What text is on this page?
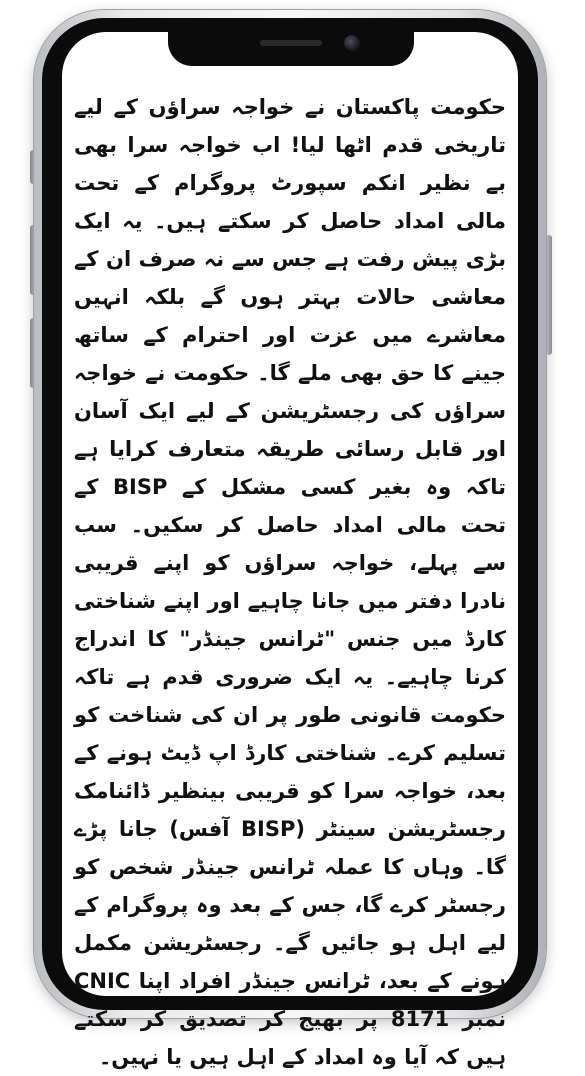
حکومت پاکستان نے خواجہ سراؤں کے لیے تاریخی قدم اٹھا لیا! اب خواجہ سرا بھی بے نظیر انکم سپورٹ پروگرام کے تحت مالی امداد حاصل کر سکتے ہیں۔ یہ ایک بڑی پیش رفت ہے جس سے نہ صرف ان کے معاشی حالات بہتر ہوں گے بلکہ انہیں معاشرے میں عزت اور احترام کے ساتھ جینے کا حق بھی ملے گا۔ حکومت نے خواجہ سراؤں کی رجسٹریشن کے لیے ایک آسان اور قابل رسائی طریقہ متعارف کرایا ہے تاکہ وہ بغیر کسی مشکل کے BISP کے تحت مالی امداد حاصل کر سکیں۔ سب سے پہلے، خواجہ سراؤں کو اپنے قریبی نادرا دفتر میں جانا چاہیے اور اپنے شناختی کارڈ میں جنس "ٹرانس جینڈر" کا اندراج کرنا چاہیے۔ یہ ایک ضروری قدم ہے تاکہ حکومت قانونی طور پر ان کی شناخت کو تسلیم کرے۔ شناختی کارڈ اپ ڈیٹ ہونے کے بعد، خواجہ سرا کو قریبی بینظیر ڈائنامک رجسٹریشن سینٹر (BISP آفس) جانا پڑے گا۔ وہاں کا عملہ ٹرانس جینڈر شخص کو رجسٹر کرے گا، جس کے بعد وہ پروگرام کے لیے اہل ہو جائیں گے۔ رجسٹریشن مکمل ہونے کے بعد، ٹرانس جینڈر افراد اپنا CNIC نمبر 8171 پر بھیج کر تصدیق کر سکتے ہیں کہ آیا وہ امداد کے اہل ہیں یا نہیں۔
